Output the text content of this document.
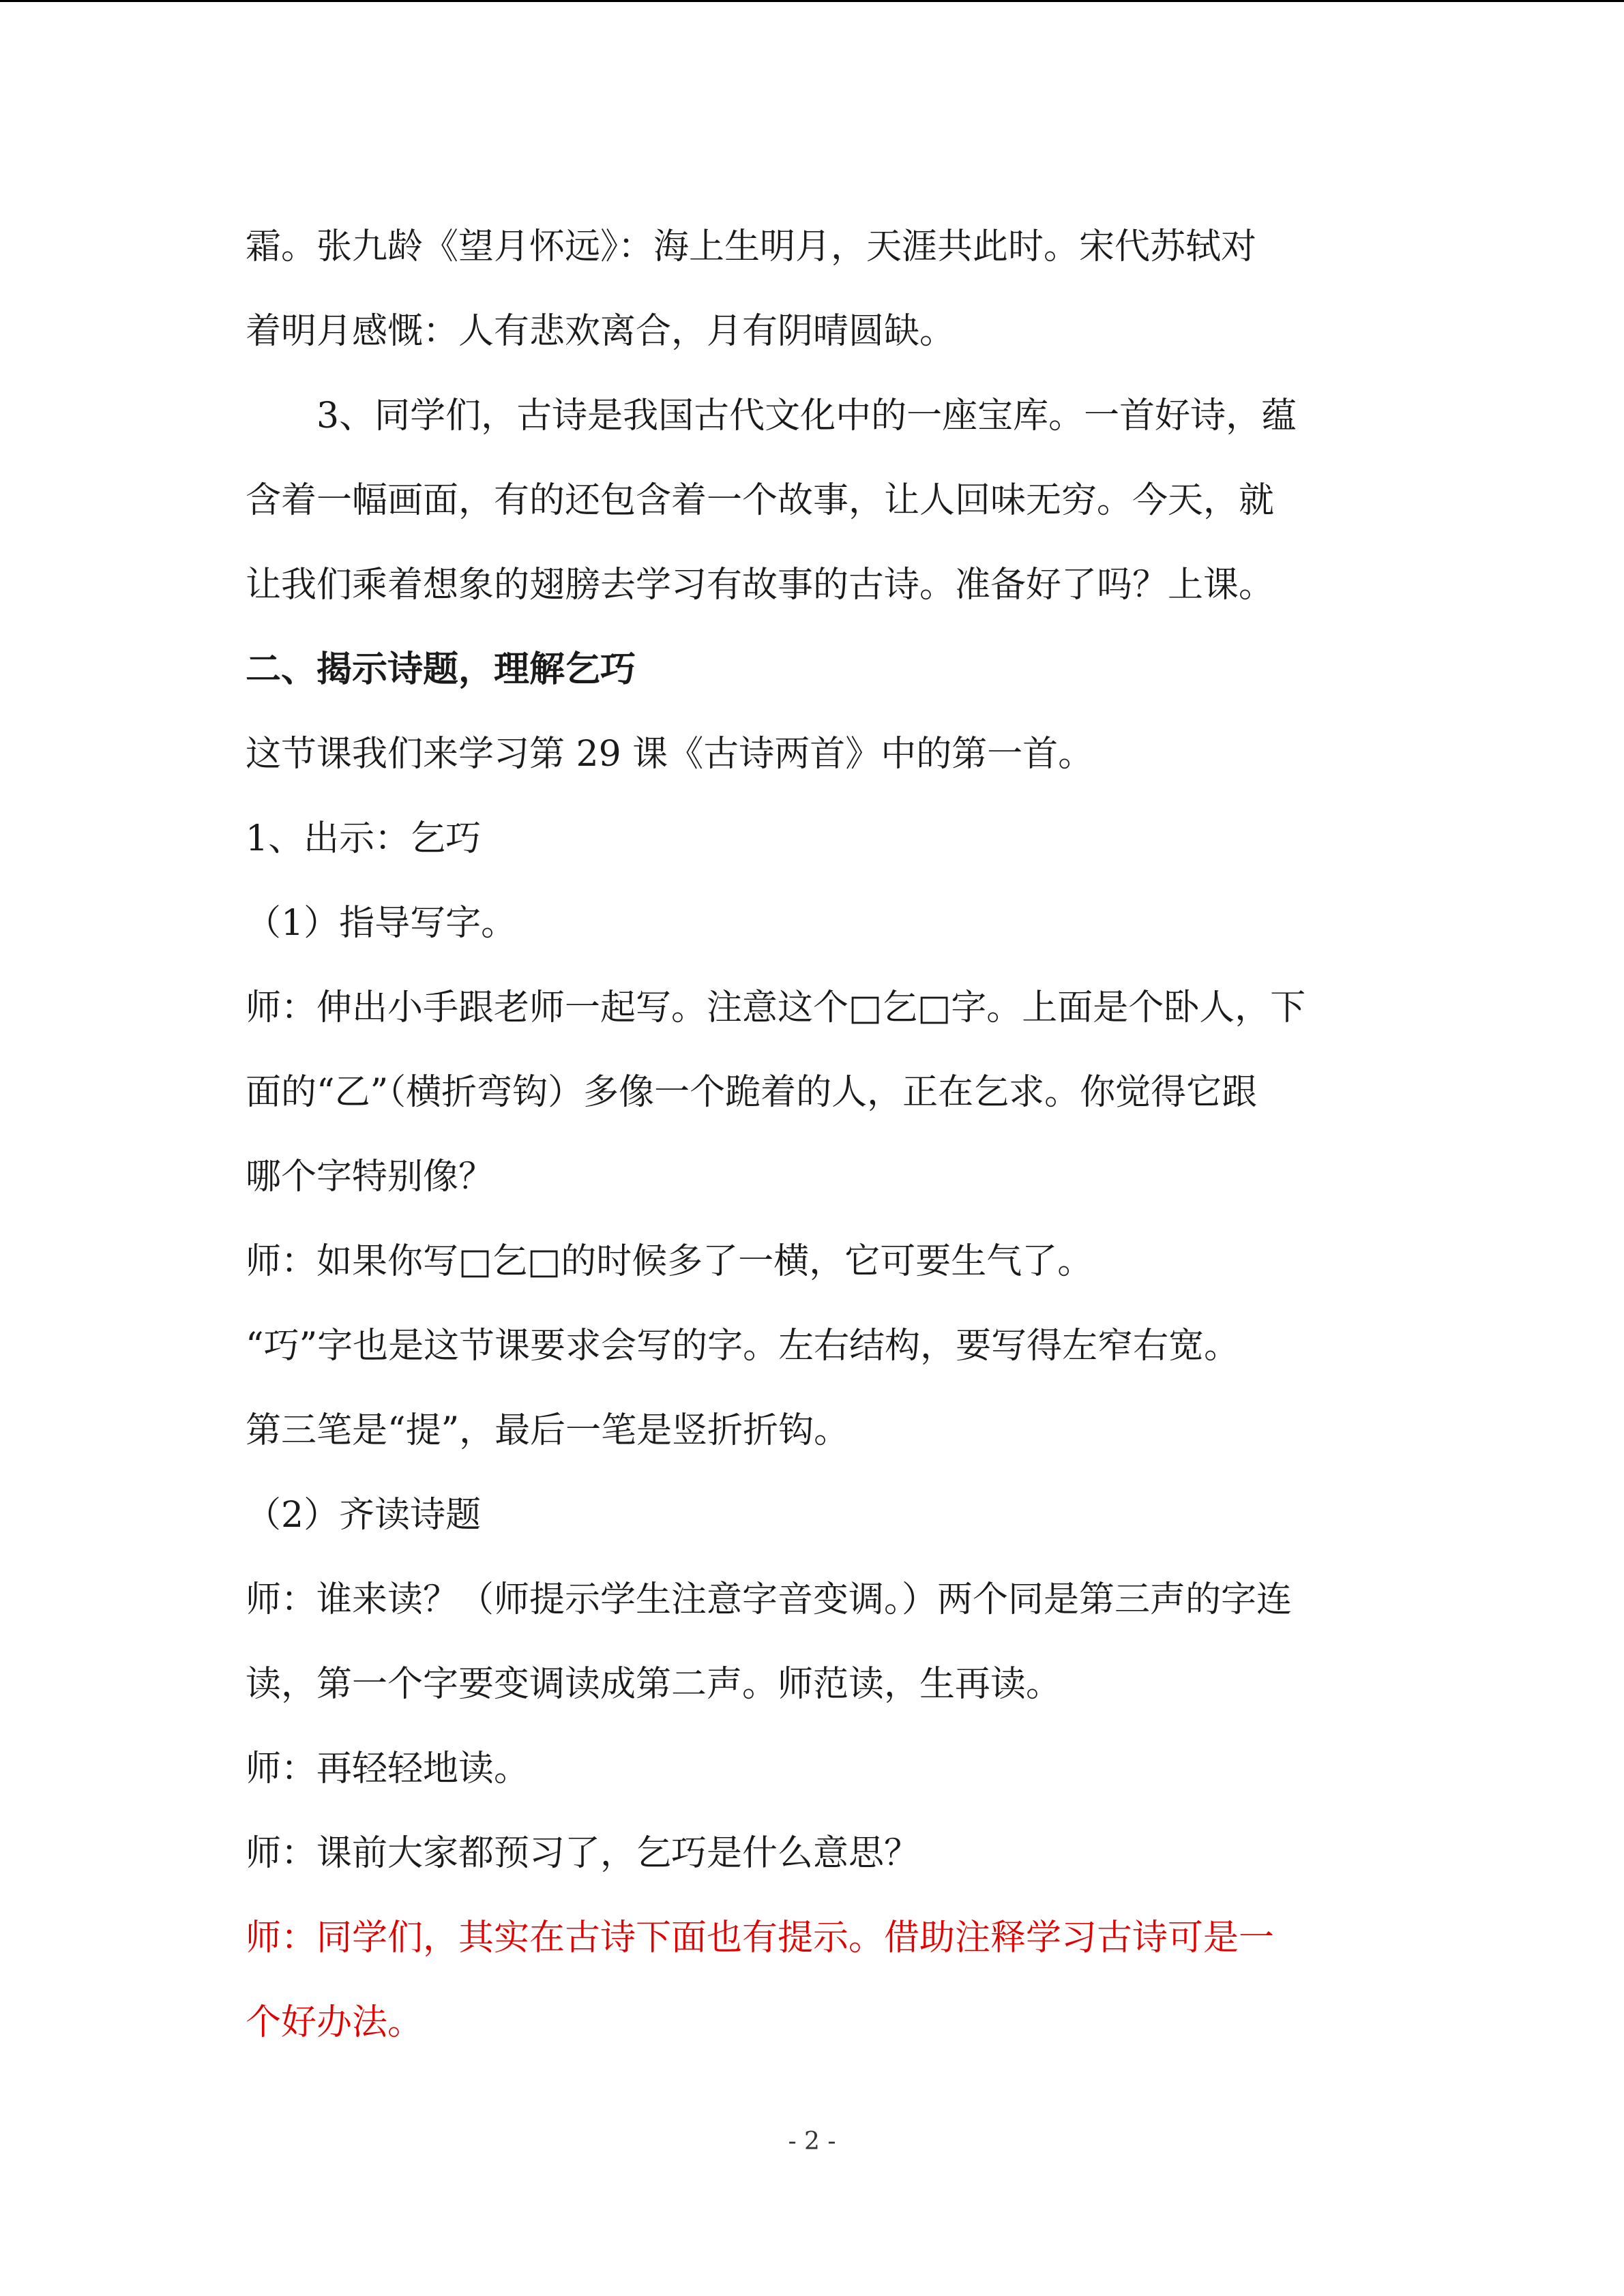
霜。张九龄《望月怀远》：海上生明月，天涯共此时。宋代苏轼对
着明月感慨：人有悲欢离合，月有阴晴圆缺。
3、同学们，古诗是我国古代文化中的一座宝库。一首好诗，蕴
含着一幅画面，有的还包含着一个故事，让人回味无穷。今天，就
让我们乘着想象的翅膀去学习有故事的古诗。准备好了吗？上课。
二、揭示诗题，理解乞巧
这节课我们来学习第 29 课《古诗两首》中的第一首。
1、出示：乞巧
（1）指导写字。
师：伸出小手跟老师一起写。注意这个□乞□字。上面是个卧人，下
面的“乙”（横折弯钩）多像一个跪着的人，正在乞求。你觉得它跟
哪个字特别像？
师：如果你写□乞□的时候多了一横，它可要生气了。
“巧”字也是这节课要求会写的字。左右结构，要写得左窄右宽。
第三笔是“提”，最后一笔是竖折折钩。
（2）齐读诗题
师：谁来读？（师提示学生注意字音变调。）两个同是第三声的字连
读，第一个字要变调读成第二声。师范读，生再读。
师：再轻轻地读。
师：课前大家都预习了，乞巧是什么意思？
师：同学们，其实在古诗下面也有提示。借助注释学习古诗可是一
个好办法。
- 2 -
